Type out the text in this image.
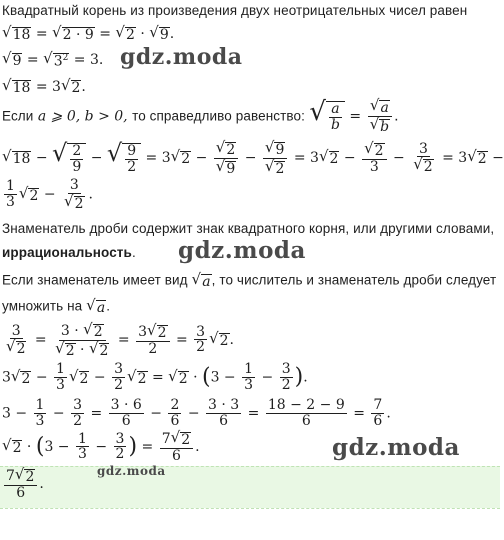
Квадратный корень из произведения двух неотрицательных чисел равен
√ 18 = √ 2 · 9 = √ 2 · √ 9 .
√ 9 = √ $3^2 = 3$.
√ 18 = 3 √ 2 .
Если a ⩾ 0, b > 0, то справедливо равенство: √ $\frac{a}{b} = \frac{√ a}{√ b}$ .
√ 18 − √ $\frac{2}{9}$ − √ $\frac{9}{2} = 3$ √ $2 - \frac{√ 2}{√ 9} - \frac{√ 9}{√ 2} = 3$ √ $2 - \frac{√ 2}{3} - \frac{3}{√ 2} = 3$ √ 2 −
$\frac{1}{3}$ √ $2 - \frac{3}{√ 2}$ .
Знаменатель дроби содержит знак квадратного корня, или другими словами,
иррациональность.
Если знаменатель имеет вид √ a , то числитель и знаменатель дроби следует
умножить на √ a .
$\frac{3}{√ 2} = \frac{3 \cdot √ 2}{√ 2 \cdot √ 2} = \frac{3 √ 2}{2} = \frac{3}{2}$ √ 2 .
3 √ $2 - \frac{1}{3}$ √ $2 - \frac{3}{2}$ √ 2 = √ $2 \cdot (3 - \frac{1}{3} - \frac{3}{2}$ ).
$3 - \frac{1}{3} - \frac{3}{2} = \frac{3 \cdot 6}{6} - \frac{2}{6} - \frac{3 \cdot 3}{6} = \frac{18 - 2 - 9}{6} = \frac{7}{6}$ .
√ $2 \cdot (3 - \frac{1}{3} - \frac{3}{2}$ ) = $\frac{7 √ 2}{6}$ .
$\frac{7 √ 2}{6}$ .
gdz.moda
gdz.moda
gdz.moda
gdz.moda
